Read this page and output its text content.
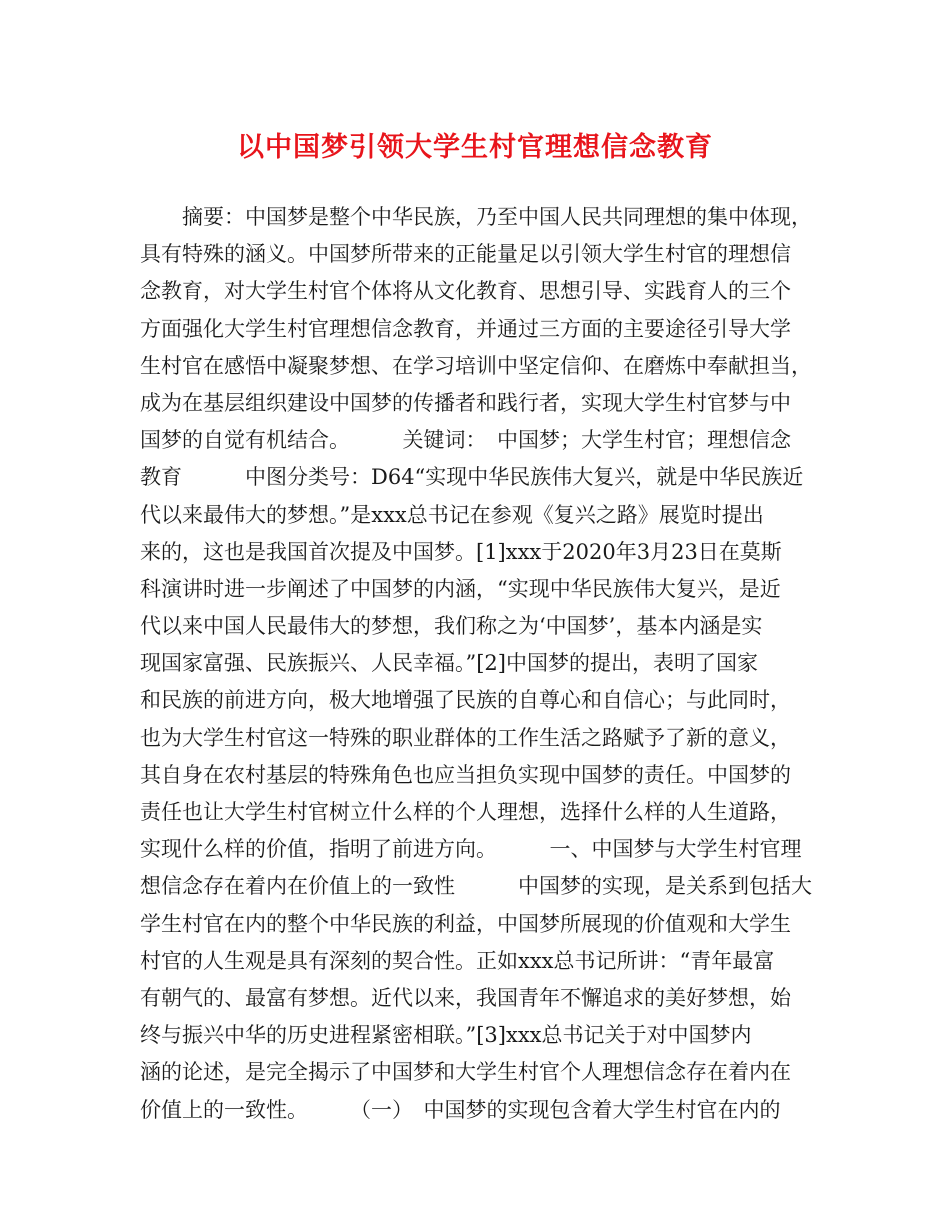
以中国梦引领大学生村官理想信念教育
　　摘要：中国梦是整个中华民族，乃至中国人民共同理想的集中体现，
具有特殊的涵义。中国梦所带来的正能量足以引领大学生村官的理想信
念教育，对大学生村官个体将从文化教育、思想引导、实践育人的三个
方面强化大学生村官理想信念教育，并通过三方面的主要途径引导大学
生村官在感悟中凝聚梦想、在学习培训中坚定信仰、在磨炼中奉献担当，
成为在基层组织建设中国梦的传播者和践行者，实现大学生村官梦与中
国梦的自觉有机结合。　　　关键词：　中国梦；大学生村官；理想信念
教育　　　中图分类号：D64“实现中华民族伟大复兴，就是中华民族近
代以来最伟大的梦想。”是xxx总书记在参观《复兴之路》展览时提出
来的，这也是我国首次提及中国梦。[1]xxx于2020年3月23日在莫斯
科演讲时进一步阐述了中国梦的内涵，“实现中华民族伟大复兴，是近
代以来中国人民最伟大的梦想，我们称之为‘中国梦’，基本内涵是实
现国家富强、民族振兴、人民幸福。”[2]中国梦的提出，表明了国家
和民族的前进方向，极大地增强了民族的自尊心和自信心；与此同时，
也为大学生村官这一特殊的职业群体的工作生活之路赋予了新的意义，
其自身在农村基层的特殊角色也应当担负实现中国梦的责任。中国梦的
责任也让大学生村官树立什么样的个人理想，选择什么样的人生道路，
实现什么样的价值，指明了前进方向。　　　一、中国梦与大学生村官理
想信念存在着内在价值上的一致性　　　中国梦的实现，是关系到包括大
学生村官在内的整个中华民族的利益，中国梦所展现的价值观和大学生
村官的人生观是具有深刻的契合性。正如xxx总书记所讲：“青年最富
有朝气的、最富有梦想。近代以来，我国青年不懈追求的美好梦想，始
终与振兴中华的历史进程紧密相联。”[3]xxx总书记关于对中国梦内
涵的论述，是完全揭示了中国梦和大学生村官个人理想信念存在着内在
价值上的一致性。　　　（一）　中国梦的实现包含着大学生村官在内的
